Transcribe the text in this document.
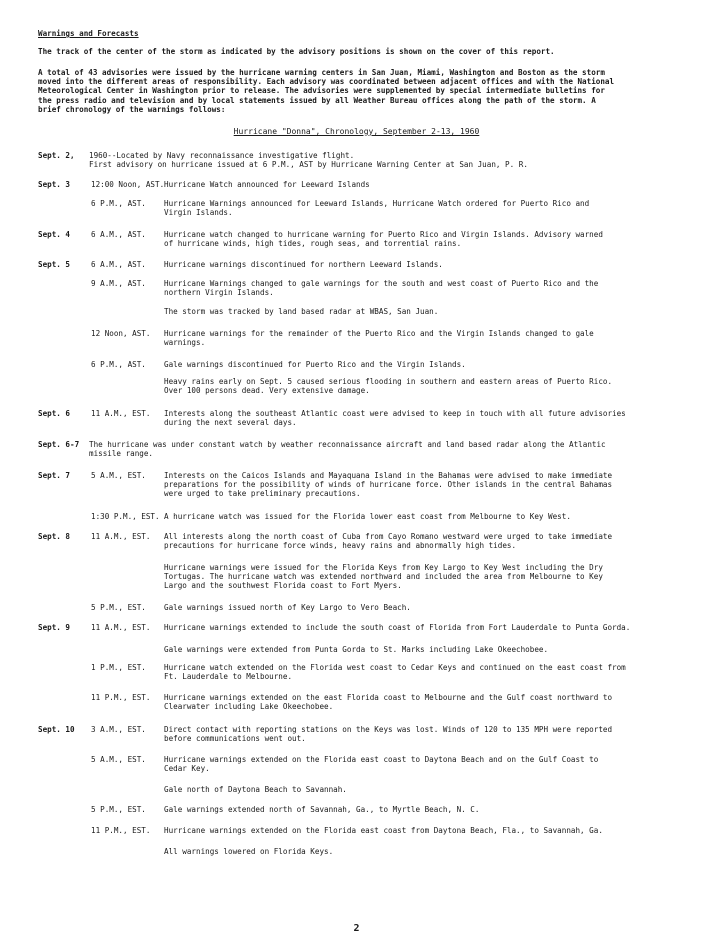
Warnings and Forecasts
The track of the center of the storm as indicated by the advisory positions is shown on the cover of this report.
A total of 43 advisories were issued by the hurricane warning centers in San Juan, Miami, Washington and Boston as the storm
moved into the different areas of responsibility. Each advisory was coordinated between adjacent offices and with the National
Meteorological Center in Washington prior to release. The advisories were supplemented by special intermediate bulletins for
the press radio and television and by local statements issued by all Weather Bureau offices along the path of the storm. A
brief chronology of the warnings follows:
Hurricane "Donna", Chronology, September 2-13, 1960
Sept. 2,	1960--Located by Navy reconnaissance investigative flight.
First advisory on hurricane issued at 6 P.M., AST by Hurricane Warning Center at San Juan, P. R.
Sept. 3	12:00 Noon, AST. Hurricane Watch announced for Leeward Islands
6 P.M., AST.	Hurricane Warnings announced for Leeward Islands, Hurricane Watch ordered for Puerto Rico and
Virgin Islands.
Sept. 4	6 A.M., AST.	Hurricane watch changed to hurricane warning for Puerto Rico and Virgin Islands. Advisory warned
of hurricane winds, high tides, rough seas, and torrential rains.
Sept. 5	6 A.M., AST.	Hurricane warnings discontinued for northern Leeward Islands.
9 A.M., AST.	Hurricane Warnings changed to gale warnings for the south and west coast of Puerto Rico and the
northern Virgin Islands.
The storm was tracked by land based radar at WBAS, San Juan.
12 Noon, AST.	Hurricane warnings for the remainder of the Puerto Rico and the Virgin Islands changed to gale
warnings.
6 P.M., AST.	Gale warnings discontinued for Puerto Rico and the Virgin Islands.
Heavy rains early on Sept. 5 caused serious flooding in southern and eastern areas of Puerto Rico.
Over 100 persons dead. Very extensive damage.
Sept. 6	11 A.M., EST.	Interests along the southeast Atlantic coast were advised to keep in touch with all future advisories
during the next several days.
Sept. 6-7	The hurricane was under constant watch by weather reconnaissance aircraft and land based radar along the Atlantic
missile range.
Sept. 7	5 A.M., EST.	Interests on the Caicos Islands and Mayaquana Island in the Bahamas were advised to make immediate
preparations for the possibility of winds of hurricane force. Other islands in the central Bahamas
were urged to take preliminary precautions.
1:30 P.M., EST. A hurricane watch was issued for the Florida lower east coast from Melbourne to Key West.
Sept. 8	11 A.M., EST.	All interests along the north coast of Cuba from Cayo Romano westward were urged to take immediate
precautions for hurricane force winds, heavy rains and abnormally high tides.
Hurricane warnings were issued for the Florida Keys from Key Largo to Key West including the Dry
Tortugas. The hurricane watch was extended northward and included the area from Melbourne to Key
Largo and the southwest Florida coast to Fort Myers.
5 P.M., EST.	Gale warnings issued north of Key Largo to Vero Beach.
Sept. 9	11 A.M., EST.	Hurricane warnings extended to include the south coast of Florida from Fort Lauderdale to Punta Gorda.
Gale warnings were extended from Punta Gorda to St. Marks including Lake Okeechobee.
1 P.M., EST.	Hurricane watch extended on the Florida west coast to Cedar Keys and continued on the east coast from
Ft. Lauderdale to Melbourne.
11 P.M., EST.	Hurricane warnings extended on the east Florida coast to Melbourne and the Gulf coast northward to
Clearwater including Lake Okeechobee.
Sept. 10	3 A.M., EST.	Direct contact with reporting stations on the Keys was lost. Winds of 120 to 135 MPH were reported
before communications went out.
5 A.M., EST.	Hurricane warnings extended on the Florida east coast to Daytona Beach and on the Gulf Coast to
Cedar Key.
Gale north of Daytona Beach to Savannah.
5 P.M., EST.	Gale warnings extended north of Savannah, Ga., to Myrtle Beach, N. C.
11 P.M., EST.	Hurricane warnings extended on the Florida east coast from Daytona Beach, Fla., to Savannah, Ga.
All warnings lowered on Florida Keys.
2
